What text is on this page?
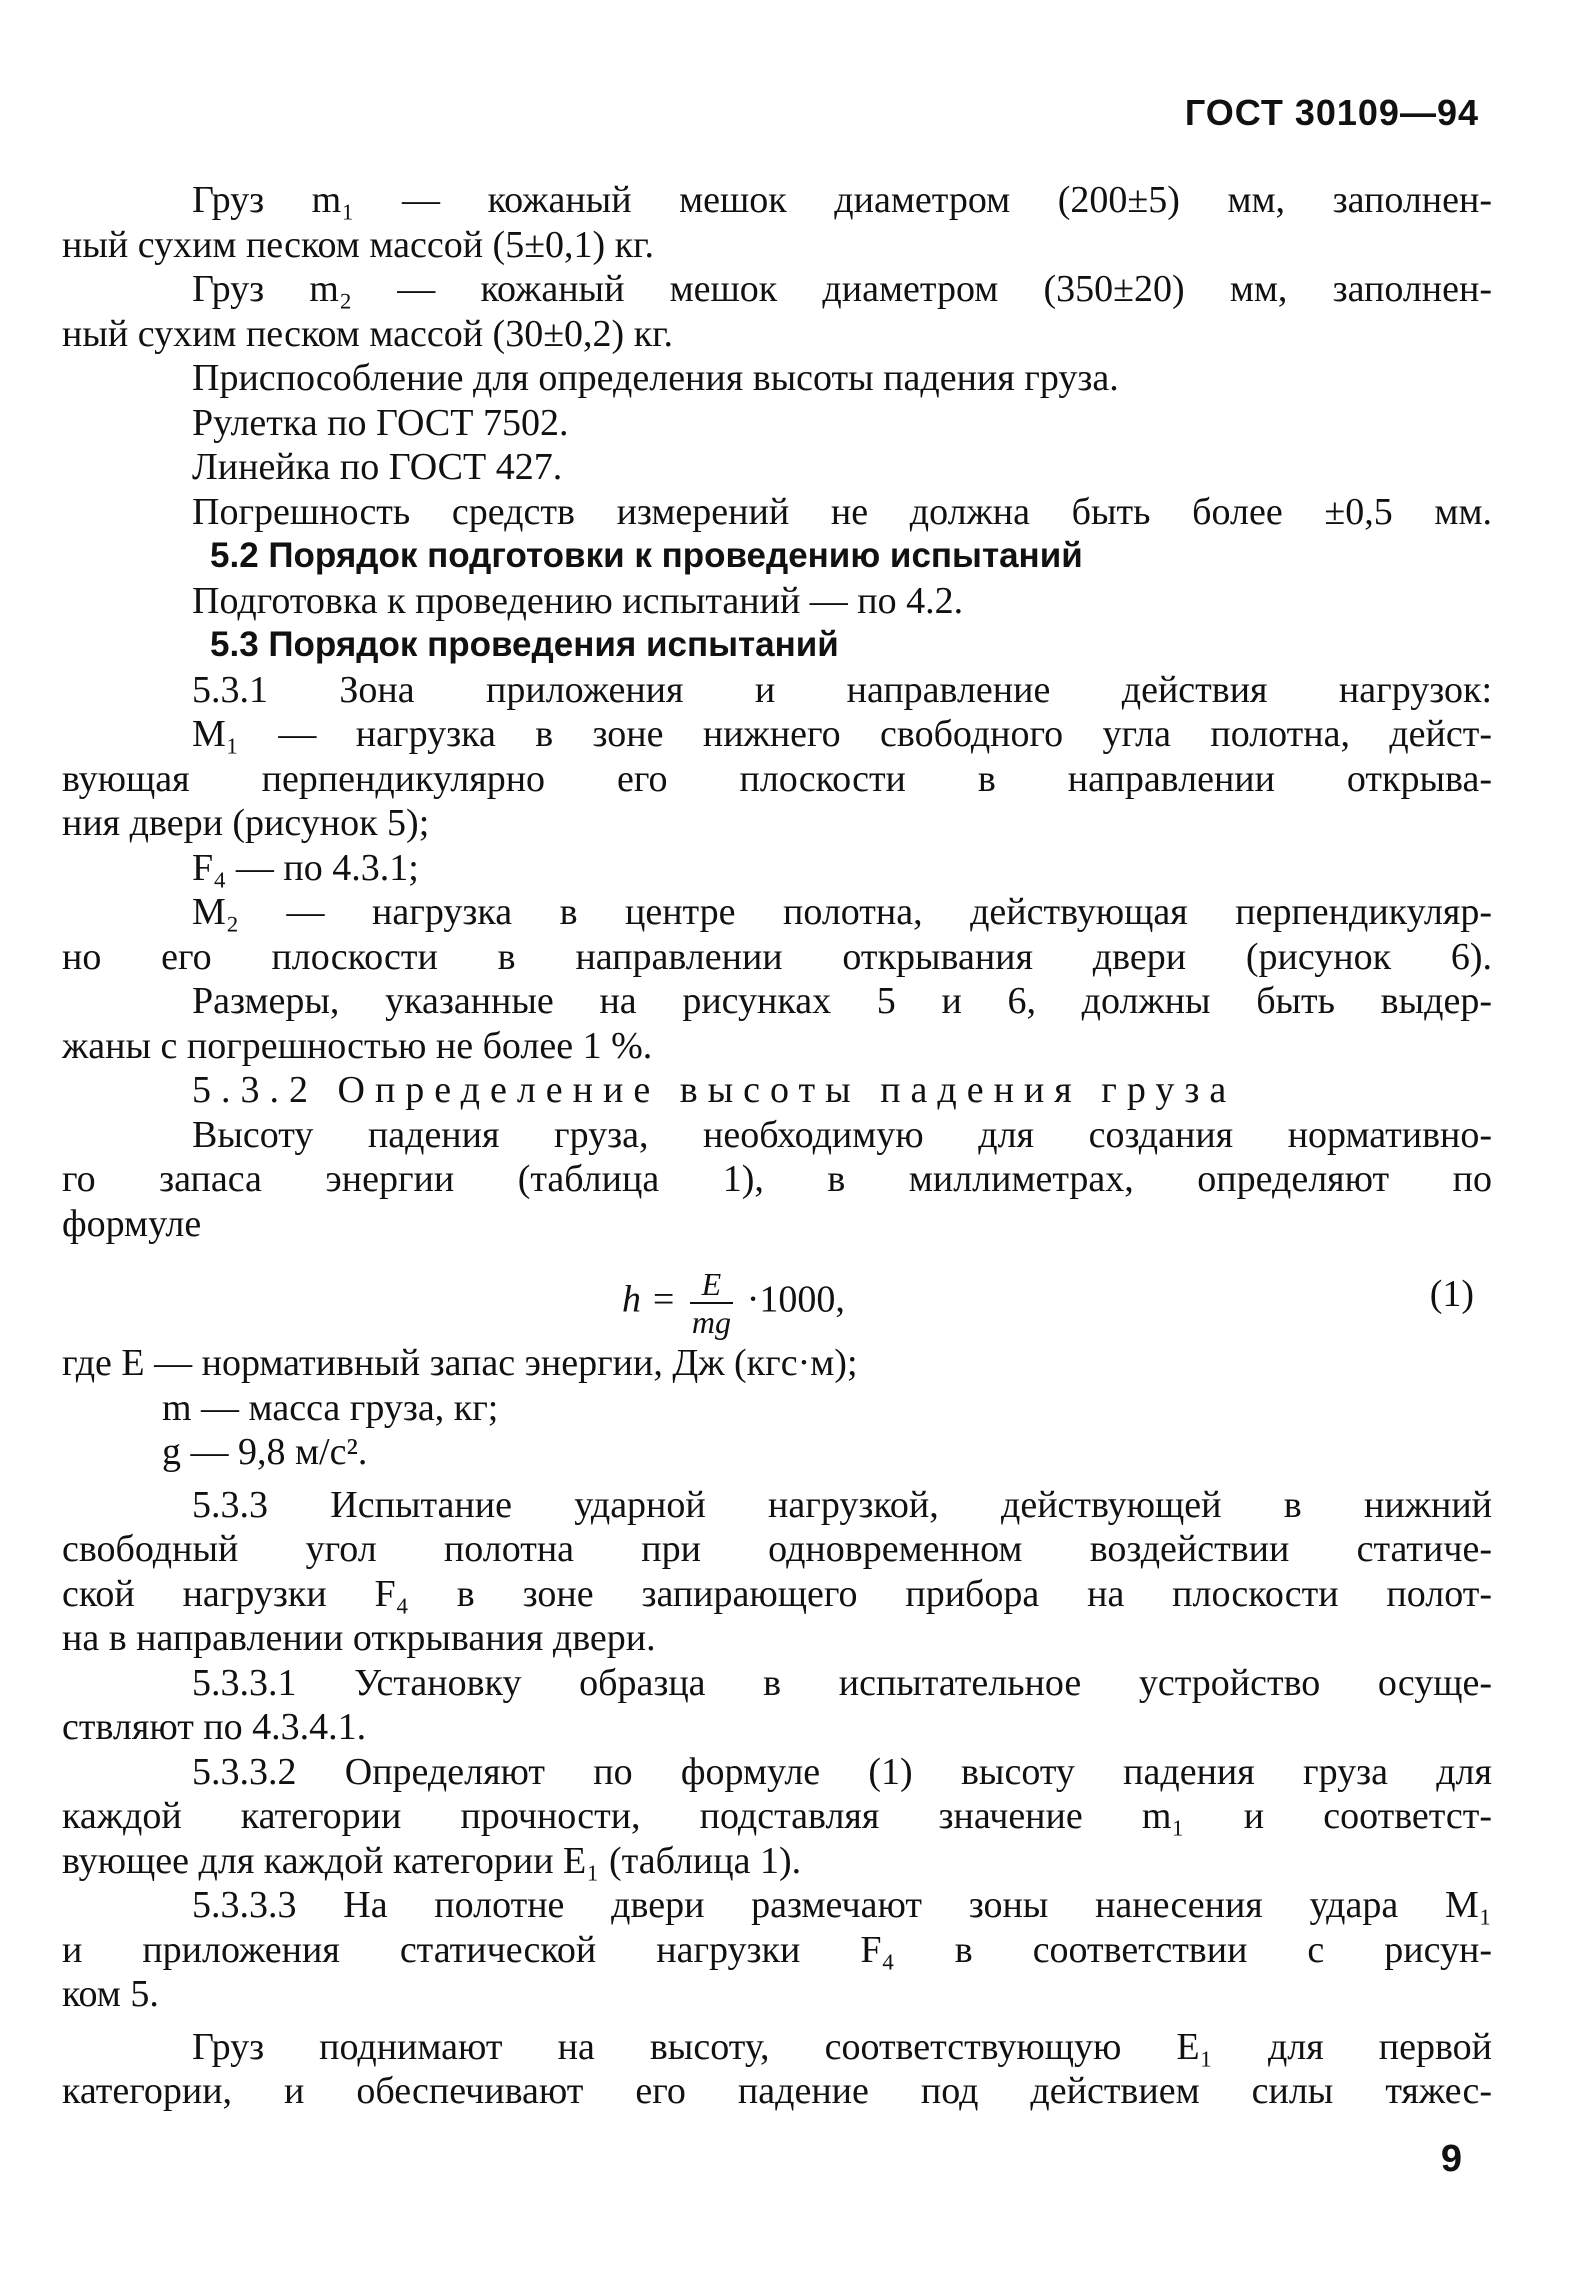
ГОСТ 30109—94
Груз m₁ — кожаный мешок диаметром (200±5) мм, заполнен-
ный сухим песком массой (5±0,1) кг.
Груз m₂ — кожаный мешок диаметром (350±20) мм, заполнен-
ный сухим песком массой (30±0,2) кг.
Приспособление для определения высоты падения груза.
Рулетка по ГОСТ 7502.
Линейка по ГОСТ 427.
Погрешность средств измерений не должна быть более ±0,5 мм.
5.2 Порядок подготовки к проведению испытаний
Подготовка к проведению испытаний — по 4.2.
5.3 Порядок проведения испытаний
5.3.1 Зона приложения и направление действия нагрузок:
M₁ — нагрузка в зоне нижнего свободного угла полотна, дейст-
вующая перпендикулярно его плоскости в направлении открыва-
ния двери (рисунок 5);
F₄ — по 4.3.1;
M₂ — нагрузка в центре полотна, действующая перпендикуляр-
но его плоскости в направлении открывания двери (рисунок 6).
Размеры, указанные на рисунках 5 и 6, должны быть выдер-
жаны с погрешностью не более 1 %.
5.3.2 Определение высоты падения груза
Высоту падения груза, необходимую для создания нормативно-
го запаса энергии (таблица 1), в миллиметрах, определяют по
формуле
$h = \frac{E}{mg} \cdot 1000$,	(1)
где E — нормативный запас энергии, Дж (кгс·м);
m — масса груза, кг;
g — 9,8 м/с².
5.3.3 Испытание ударной нагрузкой, действующей в нижний
свободный угол полотна при одновременном воздействии статиче-
ской нагрузки F₄ в зоне запирающего прибора на плоскости полот-
на в направлении открывания двери.
5.3.3.1 Установку образца в испытательное устройство осуще-
ствляют по 4.3.4.1.
5.3.3.2 Определяют по формуле (1) высоту падения груза для
каждой категории прочности, подставляя значение m₁ и соответст-
вующее для каждой категории E₁ (таблица 1).
5.3.3.3 На полотне двери размечают зоны нанесения удара M₁
и приложения статической нагрузки F₄ в соответствии с рисун-
ком 5.
Груз поднимают на высоту, соответствующую E₁ для первой
категории, и обеспечивают его падение под действием силы тяжес-
9
